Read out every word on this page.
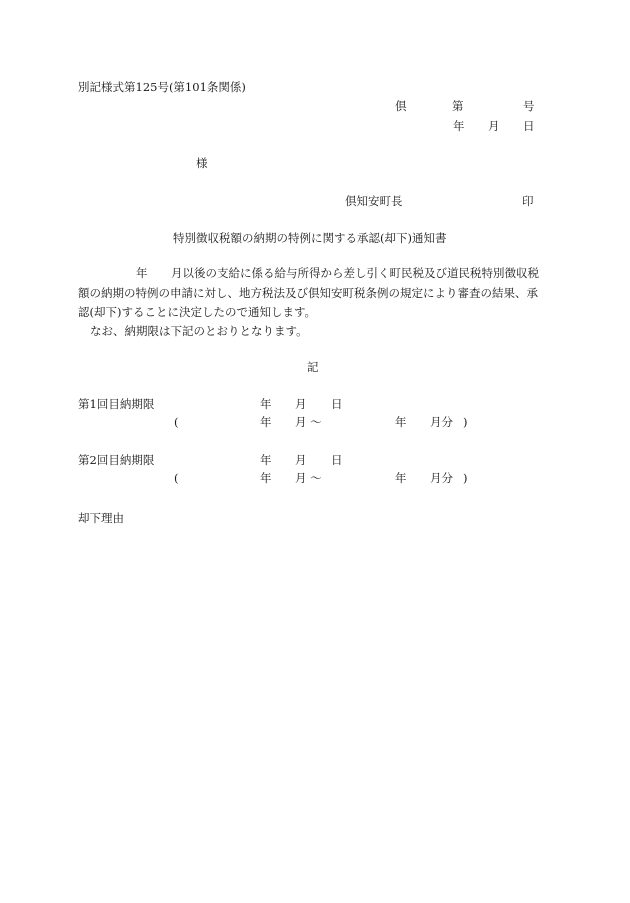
別記様式第125号(第101条関係)
倶	第	号
年 月 日
様
倶知安町長	印
特別徴収税額の納期の特例に関する承認(却下)通知書
年 月以後の支給に係る給与所得から差し引く町民税及び道民税特別徴収税
額の納期の特例の申請に対し、地方税法及び倶知安町税条例の規定により審査の結果、承
認(却下)することに決定したので通知します。
なお、納期限は下記のとおりとなります。
記
第1回目納期限	年 月 日
(	年 月 〜	年 月分 )
第2回目納期限	年 月 日
(	年 月 〜	年 月分 )
却下理由
